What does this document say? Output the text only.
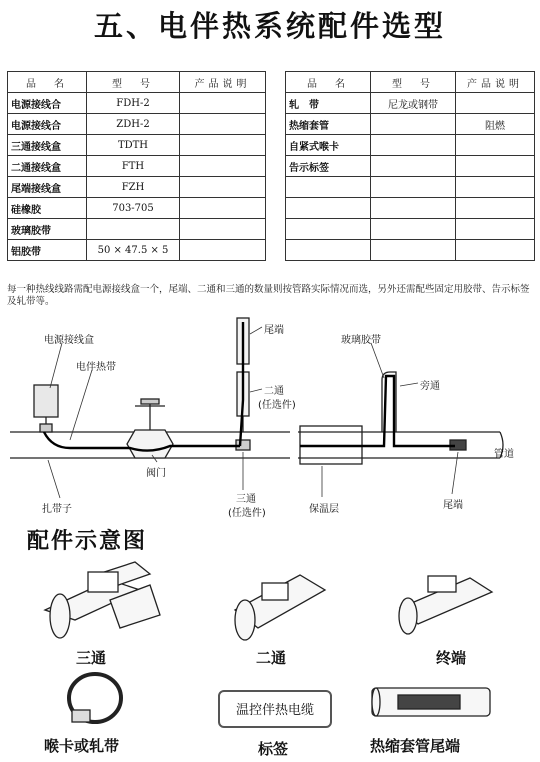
五、电伴热系统配件选型
品　名	型　号	产品说明
电源接线合	FDH-2	
电源接线合	ZDH-2	
三通接线盒	TDTH	
二通接线盒	FTH	
尾端接线盒	FZH	
硅橡胶	703-705	
玻璃胶带		
铝胶带	50 × 47.5 × 5	
品　名	型　号	产品说明
轧　带	尼龙或钢带	
热缩套管		阻燃
自紧式喉卡		
告示标签		

每一种热线线路需配电源接线盒一个，尾端、二通和三通的数量则按管路实际情况而选，另外还需配些固定用胶带、告示标签及轧带等。
电源接线盒
电伴热带
尾端
二通
(任选件)
玻璃胶带
旁通
管道
阀门
扎带子
三通
(任选件)	保温层	尾端
配件示意图
三通	二通	终端
喉卡或轧带
温控伴热电缆
标签	热缩套管尾端
